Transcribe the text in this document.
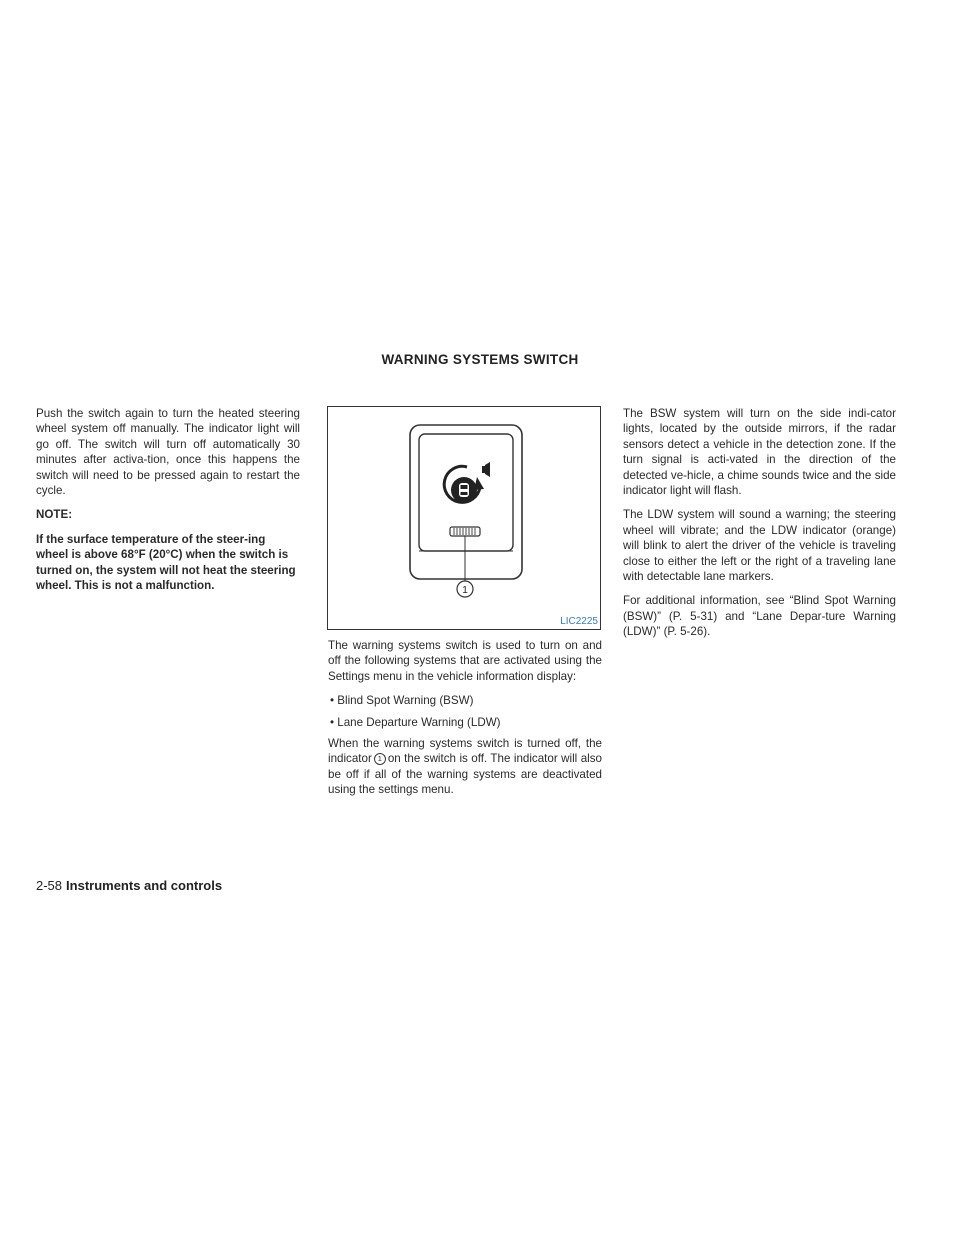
WARNING SYSTEMS SWITCH

Push the switch again to turn the heated steering wheel system off manually. The indicator light will go off. The switch will turn off automatically 30 minutes after activa-tion, once this happens the switch will need to be pressed again to restart the cycle.

NOTE:

If the surface temperature of the steer-ing wheel is above 68°F (20°C) when the switch is turned on, the system will not heat the steering wheel. This is not a malfunction.	1
LIC2225

The warning systems switch is used to turn on and off the following systems that are activated using the Settings menu in the vehicle information display:

• Blind Spot Warning (BSW)

• Lane Departure Warning (LDW)

When the warning systems switch is turned off, the indicator 1 on the switch is off. The indicator will also be off if all of the warning systems are deactivated using the settings menu.

The BSW system will turn on the side indi-cator lights, located by the outside mirrors, if the radar sensors detect a vehicle in the detection zone. If the turn signal is acti-vated in the direction of the detected ve-hicle, a chime sounds twice and the side indicator light will flash.

The LDW system will sound a warning; the steering wheel will vibrate; and the LDW indicator (orange) will blink to alert the driver of the vehicle is traveling close to either the left or the right of a traveling lane with detectable lane markers.

For additional information, see “Blind Spot Warning (BSW)” (P. 5-31) and “Lane Depar-ture Warning (LDW)” (P. 5-26).

2-58 Instruments and controls
